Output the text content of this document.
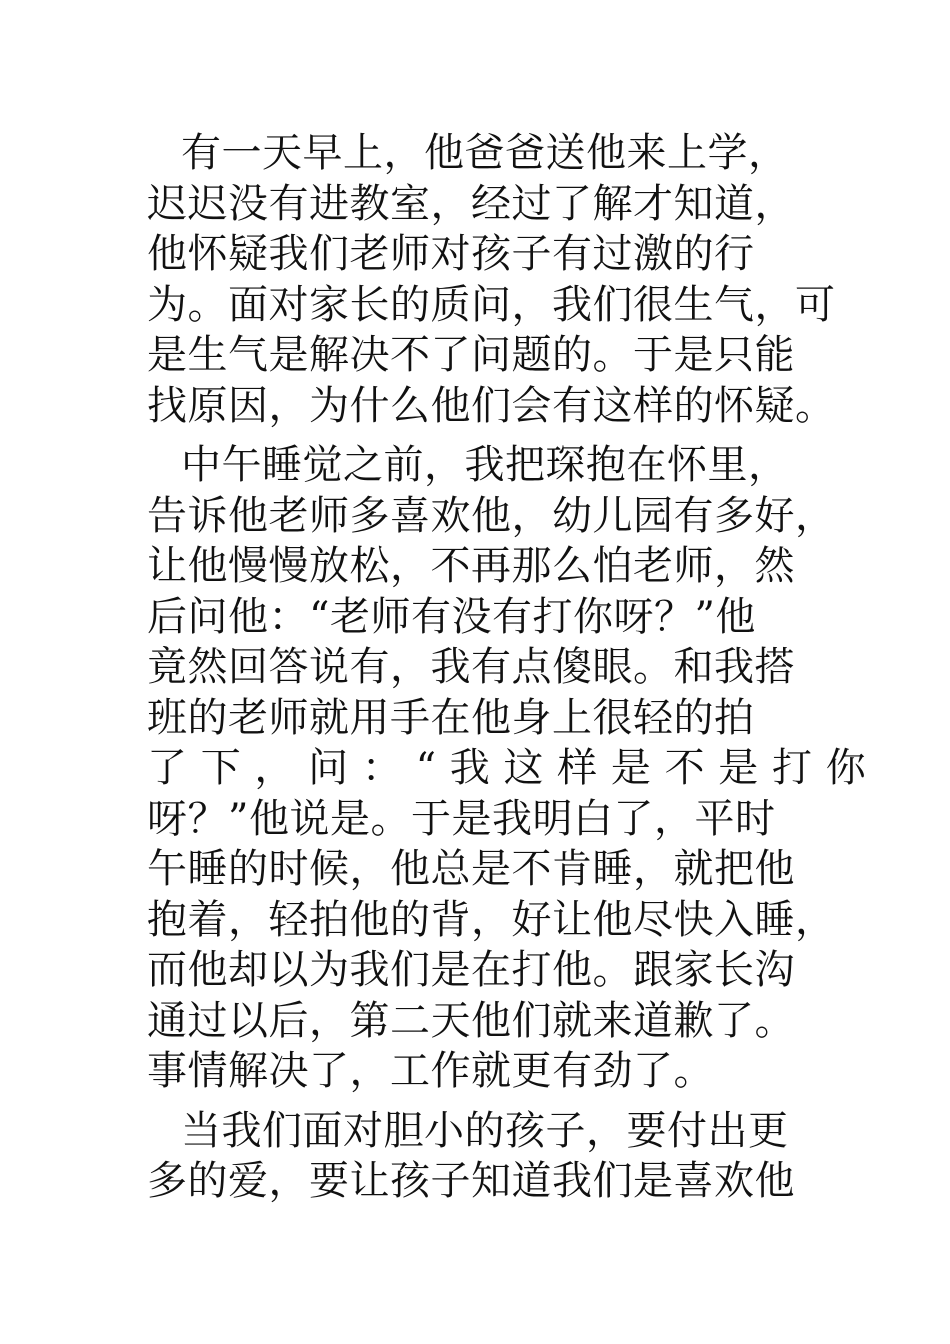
有一天早上，他爸爸送他来上学，
迟迟没有进教室，经过了解才知道，
他怀疑我们老师对孩子有过激的行
为。面对家长的质问，我们很生气，可
是生气是解决不了问题的。于是只能
找原因，为什么他们会有这样的怀疑。
中午睡觉之前，我把琛抱在怀里，
告诉他老师多喜欢他，幼儿园有多好，
让他慢慢放松，不再那么怕老师，然
后问他：“老师有没有打你呀？”他
竟然回答说有，我有点傻眼。和我搭
班的老师就用手在他身上很轻的拍
了 下 ， 问 ： “ 我 这 样 是 不 是 打 你
呀？”他说是。于是我明白了，平时
午睡的时候，他总是不肯睡，就把他
抱着，轻拍他的背，好让他尽快入睡，
而他却以为我们是在打他。跟家长沟
通过以后，第二天他们就来道歉了。
事情解决了，工作就更有劲了。
当我们面对胆小的孩子，要付出更
多的爱，要让孩子知道我们是喜欢他
